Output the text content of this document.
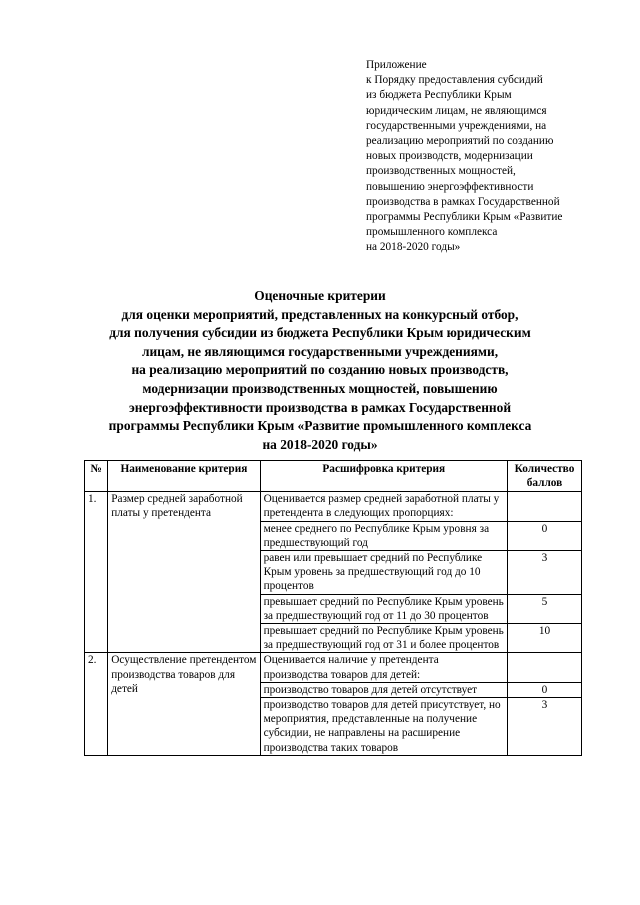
Приложение
к Порядку предоставления субсидий
из бюджета Республики Крым
юридическим лицам, не являющимся
государственными учреждениями, на
реализацию мероприятий по созданию
новых производств, модернизации
производственных мощностей,
повышению энергоэффективности
производства в рамках Государственной
программы Республики Крым «Развитие
промышленного комплекса
на 2018-2020 годы»
Оценочные критерии
для оценки мероприятий, представленных на конкурсный отбор,
для получения субсидии из бюджета Республики Крым юридическим
лицам, не являющимся государственными учреждениями,
на реализацию мероприятий по созданию новых производств,
модернизации производственных мощностей, повышению
энергоэффективности производства в рамках Государственной
программы Республики Крым «Развитие промышленного комплекса
на 2018-2020 годы»
№	Наименование критерия	Расшифровка критерия	Количество баллов
1.	Размер средней заработной платы у претендента	Оценивается размер средней заработной платы у претендента в следующих пропорциях:	
		менее среднего по Республике Крым уровня за предшествующий год	0
		равен или превышает средний по Республике Крым уровень за предшествующий год до 10 процентов	3
		превышает средний по Республике Крым уровень за предшествующий год от 11 до 30 процентов	5
		превышает средний по Республике Крым уровень за предшествующий год от 31 и более процентов	10
2.	Осуществление претендентом производства товаров для детей	Оценивается наличие у претендента производства товаров для детей:	
		производство товаров для детей отсутствует	0
		производство товаров для детей присутствует, но мероприятия, представленные на получение субсидии, не направлены на расширение производства таких товаров	3
